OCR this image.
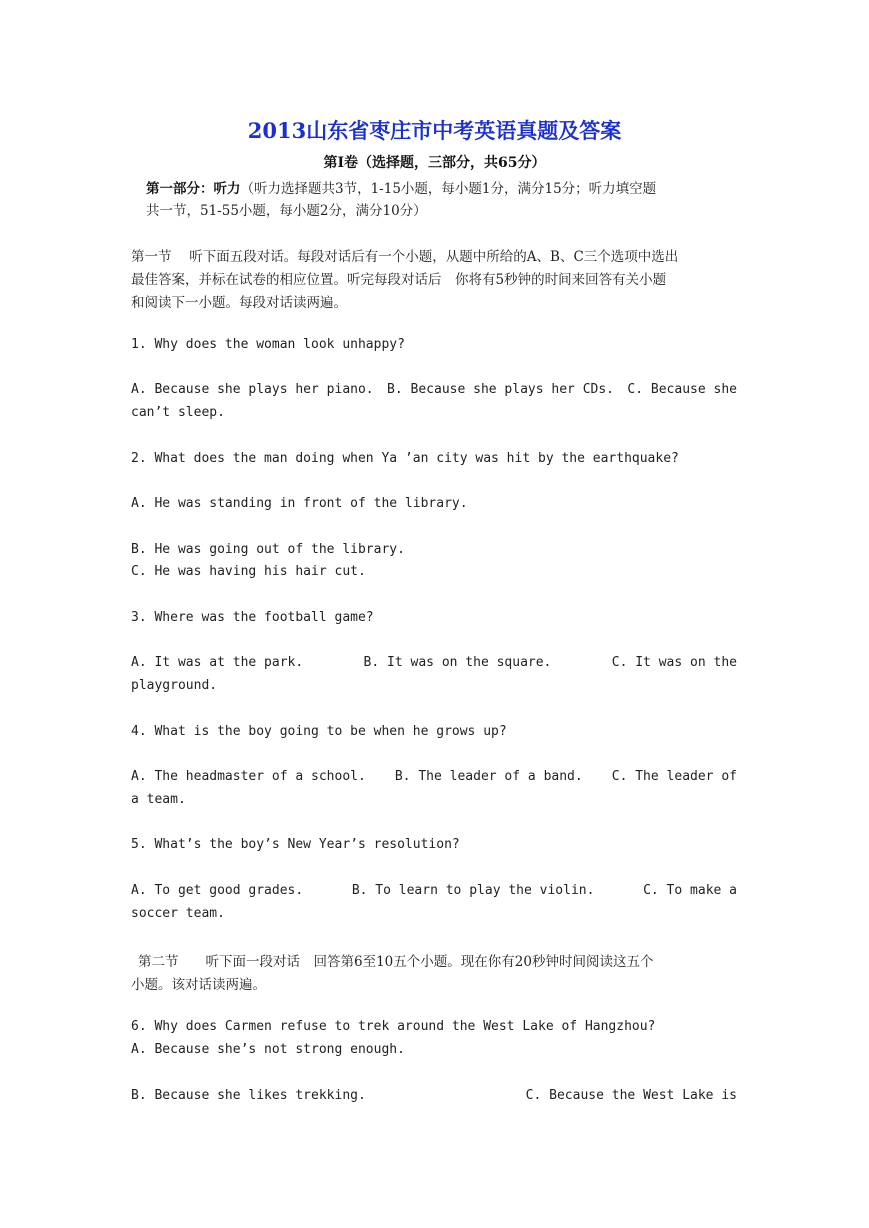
2013山东省枣庄市中考英语真题及答案
第Ⅰ卷（选择题，三部分，共65分）
第一部分：听力（听力选择题共3节，1-15小题，每小题1分，满分15分；听力填空题
共一节，51-55小题，每小题2分，满分10分）
第一节　 听下面五段对话。每段对话后有一个小题，从题中所给的A、B、C三个选项中选出
最佳答案，并标在试卷的相应位置。听完每段对话后　你将有5秒钟的时间来回答有关小题
和阅读下一小题。每段对话读两遍。
1. Why does the woman look unhappy?
A. Because she plays her piano. B. Because she plays her CDs. C. Because she
can’t sleep.
2. What does the man doing when Ya ’an city was hit by the earthquake?
A. He was standing in front of the library.
B. He was going out of the library.
C. He was having his hair cut.
3. Where was the football game?
A. It was at the park.	B. It was on the square.	C. It was on the
playground.
4. What is the boy going to be when he grows up?
A. The headmaster of a school. B. The leader of a band. C. The leader of
a team.
5. What’s the boy’s New Year’s resolution?
A. To get good grades.	B. To learn to play the violin.	C. To make a
soccer team.
第二节　　听下面一段对话　回答第6至10五个小题。现在你有20秒钟时间阅读这五个
小题。该对话读两遍。
6. Why does Carmen refuse to trek around the West Lake of Hangzhou?
A. Because she’s not strong enough.
B. Because she likes trekking.	C. Because the West Lake is
